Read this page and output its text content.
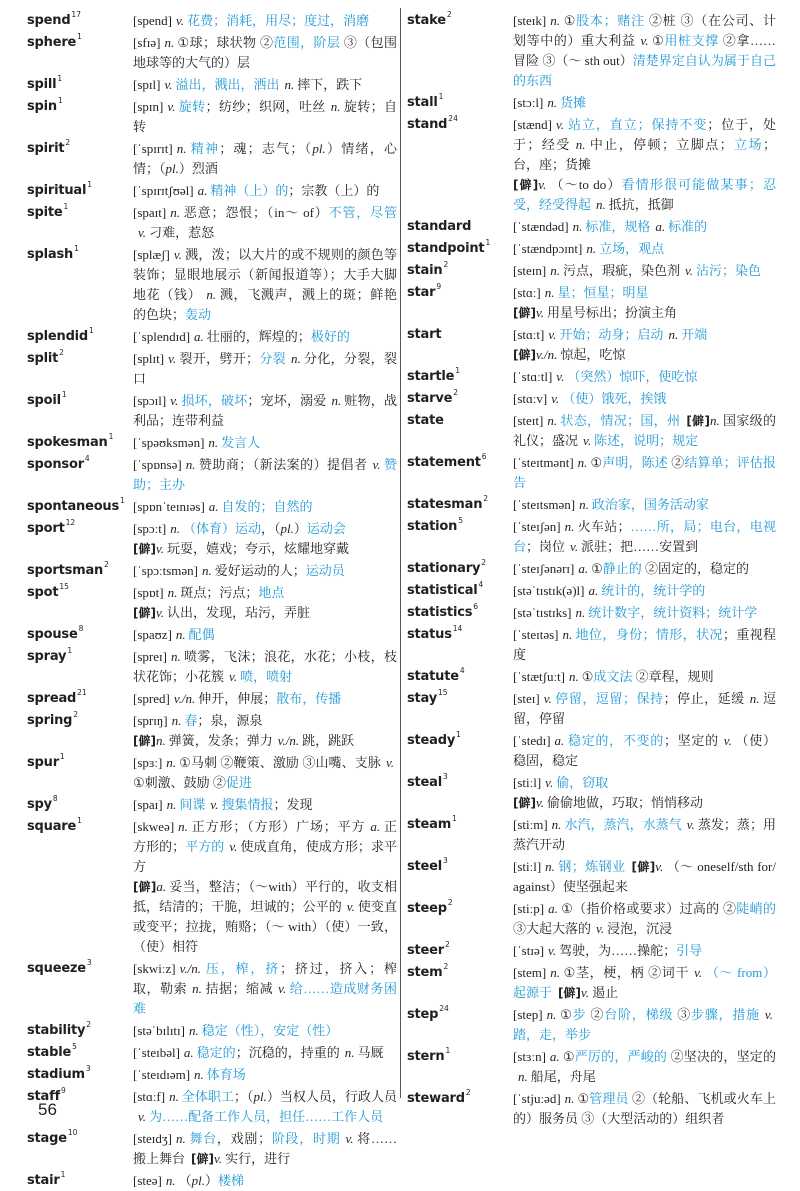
spend$^{17}$	[spend] v. 花费；消耗，用尽；度过，消磨
sphere$^1$	[sfɪə] n. ①球；球状物 ②范围，阶层 ③（包围地球等的大气的）层
spill$^1$	[spɪl] v. 溢出，溅出，洒出 n. 摔下，跌下
spin$^1$	[spɪn] v. 旋转；纺纱；织网，吐丝 n. 旋转；自转
spirit$^2$	[ˈspɪrɪt] n. 精神；魂；志气；（pl.）情绪，心情；（pl.）烈酒
spiritual$^1$	[ˈspɪrɪtʃʊəl] a. 精神（上）的；宗教（上）的
spite$^1$	[spaɪt] n. 恶意；怨恨；（in～ of）不管，尽管v. 刁难，惹怒
splash$^1$	[splæʃ] v. 溅，泼；以大片的或不规则的颜色等装饰；显眼地展示（新闻报道等）；大手大脚地花（钱） n. 溅，飞溅声，溅上的斑；鲜艳的色块；轰动
splendid$^1$	[ˈsplendɪd] a. 壮丽的，辉煌的；极好的
split$^2$	[splɪt] v. 裂开，劈开；分裂 n. 分化，分裂，裂口
spoil$^1$	[spɔɪl] v. 损坏，破坏；宠坏，溺爱 n. 赃物，战利品；连带利益
spokesman$^1$	[ˈspəʊksmən] n. 发言人
sponsor$^4$	[ˈspɒnsə] n. 赞助商；（新法案的）提倡者 v. 赞助；主办
spontaneous$^1$ [spɒnˈteɪnɪəs] a. 自发的；自然的
sport$^{12}$	[spɔːt] n. （体育）运动，（pl.）运动会
[僻]v. 玩耍，嬉戏；夸示，炫耀地穿戴
sportsman$^2$	[ˈspɔːtsmən] n. 爱好运动的人；运动员
spot$^{15}$	[spɒt] n. 斑点；污点；地点
[僻]v. 认出，发现，玷污，弄脏
spouse$^8$	[spaʊz] n. 配偶
spray$^1$	[spreɪ] n. 喷雾，飞沫；浪花，水花；小枝，枝状花饰；小花簇 v. 喷，喷射
spread$^{21}$	[spred] v./n. 伸开，伸展；散布，传播
spring$^2$	[sprɪŋ] n. 春；泉，源泉
[僻]n. 弹簧，发条；弹力 v./n. 跳，跳跃
spur$^1$	[spɜː] n. ①马刺 ②鞭策、激励 ③山嘴、支脉 v.①刺激、鼓励 ②促进
spy$^8$	[spaɪ] n. 间谍 v. 搜集情报；发现
square$^1$	[skweə] n. 正方形；（方形）广场；平方 a. 正方形的；平方的 v. 使成直角，使成方形；求平方
[僻]a. 妥当，整洁；（～with）平行的，收支相抵，结清的；干脆，坦诚的；公平的 v. 使变直或变平；拉拢，贿赂；（～ with）（使）一致，（使）相符
squeeze$^3$	[skwiːz] v./n. 压，榨，挤；挤过，挤入；榨取，勒索 n. 拮据；缩减 v. 给……造成财务困难
stability$^2$	[stəˈbɪlɪtɪ] n. 稳定（性），安定（性）
stable$^5$	[ˈsteɪbəl] a. 稳定的；沉稳的，持重的 n. 马厩
stadium$^3$	[ˈsteɪdɪəm] n. 体育场
staff$^9$	[stɑːf] n. 全体职工；（pl.）当权人员，行政人员v. 为……配备工作人员，担任……工作人员
stage$^{10}$	[steɪdʒ] n. 舞台，戏剧；阶段，时期 v. 将……搬上舞台 [僻]v. 实行，进行
stair$^1$	[steə] n. （pl.）楼梯
stake$^2$	[steɪk] n. ①股本；赌注 ②桩 ③（在公司、计划等中的）重大利益 v. ①用桩支撑 ②拿……冒险 ③（～ sth out）清楚界定自认为属于自己的东西
stall$^1$	[stɔːl] n. 货摊
stand$^{24}$	[stænd] v. 站立，直立；保持不变；位于，处于；经受 n. 中止，停顿；立脚点；立场；台，座；货摊
[僻]v. （～to do）看情形很可能做某事；忍受，经受得起 n. 抵抗，抵御
standard	[ˈstændəd] n. 标准，规格 a. 标准的
standpoint$^1$	[ˈstændpɔɪnt] n. 立场，观点
stain$^2$	[steɪn] n. 污点，瑕疵，染色剂 v. 沾污；染色
star$^9$	[stɑː] n. 星；恒星；明星
[僻]v. 用星号标出；扮演主角
start	[stɑːt] v. 开始；动身；启动 n. 开端
[僻]v./n. 惊起，吃惊
startle$^1$	[ˈstɑːtl] v. （突然）惊吓，使吃惊
starve$^2$	[stɑːv] v. （使）饿死，挨饿
state	[steɪt] n. 状态，情况；国，州 [僻]n. 国家级的礼仪；盛况 v. 陈述，说明；规定
statement$^6$	[ˈsteɪtmənt] n. ①声明，陈述 ②结算单；评估报告
statesman$^2$	[ˈsteɪtsmən] n. 政治家，国务活动家
station$^5$	[ˈsteɪʃən] n. 火车站；……所，局；电台，电视台；岗位 v. 派驻；把……安置到
stationary$^2$	[ˈsteɪʃənərɪ] a. ①静止的 ②固定的，稳定的
statistical$^4$	[stəˈtɪstɪk(ə)l] a. 统计的，统计学的
statistics$^6$	[stəˈtɪstɪks] n. 统计数字，统计资料；统计学
status$^{14}$	[ˈsteɪtəs] n. 地位，身份；情形，状况；重视程度
statute$^4$	[ˈstætʃuːt] n. ①成文法 ②章程，规则
stay$^{15}$	[steɪ] v. 停留，逗留；保持；停止，延缓 n. 逗留，停留
steady$^1$	[ˈstedɪ] a. 稳定的，不变的；坚定的 v. （使）稳固，稳定
steal$^3$	[stiːl] v. 偷，窃取
[僻]v. 偷偷地做，巧取；悄悄移动
steam$^1$	[stiːm] n. 水汽，蒸汽，水蒸气 v. 蒸发；蒸；用蒸汽开动
steel$^3$	[stiːl] n. 钢；炼钢业 [僻]v. （～ oneself/sth for/against）使坚强起来
steep$^2$	[stiːp] a. ①（指价格或要求）过高的 ②陡峭的 ③大起大落的 v. 浸泡，沉浸
steer$^2$	[ˈstɪə] v. 驾驶，为……操舵；引导
stem$^2$	[stem] n. ①茎，梗，柄 ②词干 v. （～ from）起源于 [僻]v. 遏止
step$^{24}$	[step] n. ①步 ②台阶，梯级 ③步骤，措施 v.踏，走，举步
stern$^1$	[stɜːn] a. ①严厉的，严峻的 ②坚决的，坚定的n. 船尾，舟尾
steward$^2$	[ˈstjuːəd] n. ①管理员 ②（轮船、飞机或火车上的）服务员 ③（大型活动的）组织者
56
